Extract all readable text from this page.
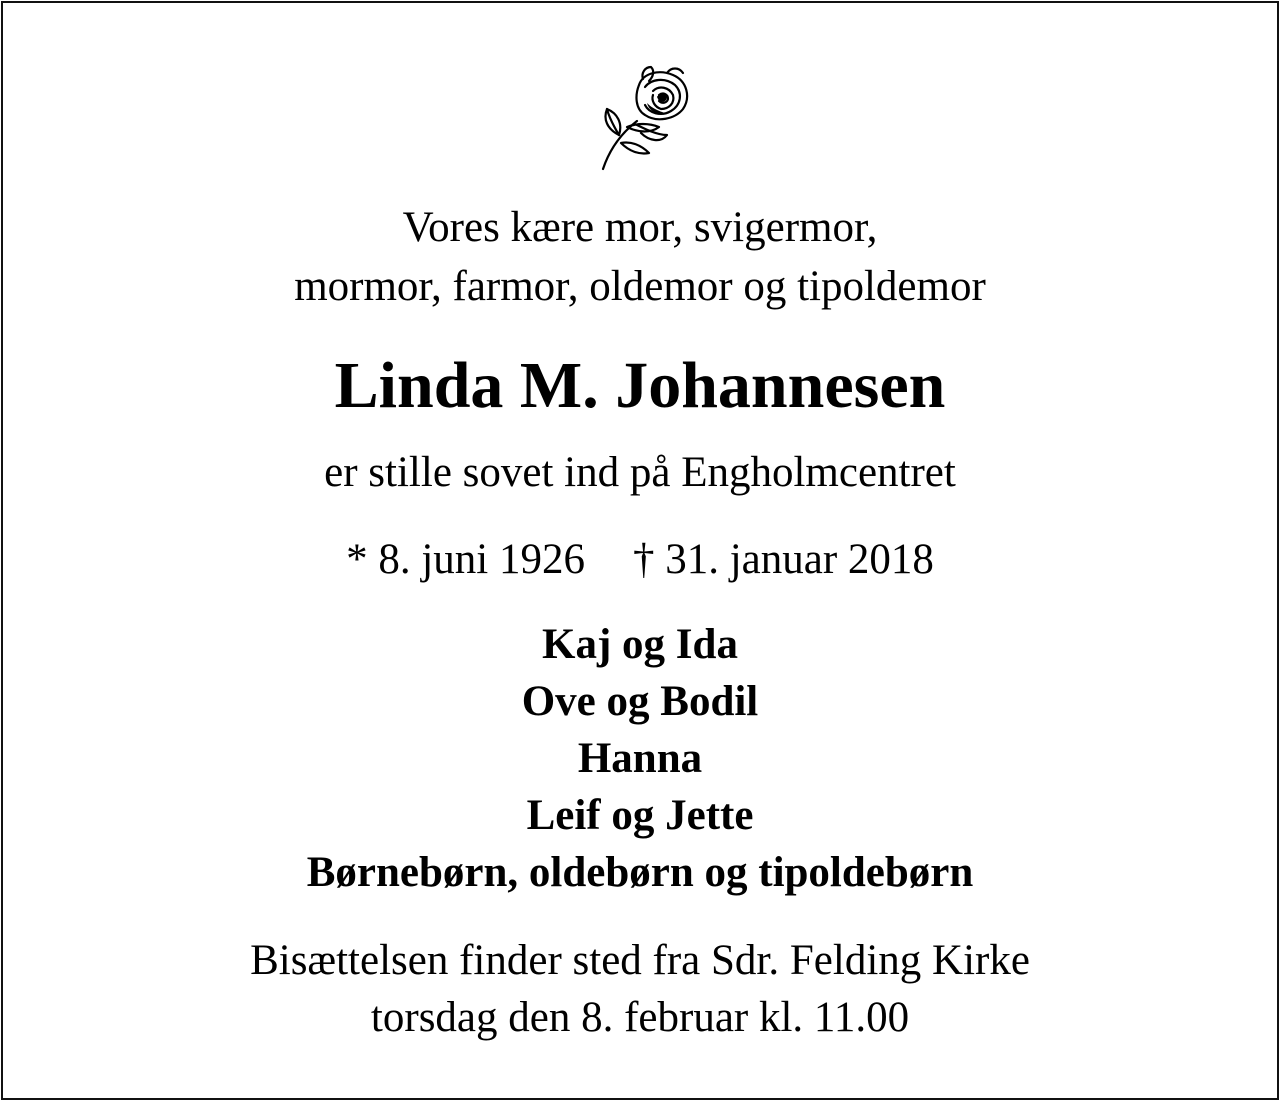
Vores kære mor, svigermor,
mormor, farmor, oldemor og tipoldemor
Linda M. Johannesen
er stille sovet ind på Engholmcentret
* 8. juni 1926 † 31. januar 2018
Kaj og Ida
Ove og Bodil
Hanna
Leif og Jette
Børnebørn, oldebørn og tipoldebørn
Bisættelsen finder sted fra Sdr. Felding Kirke
torsdag den 8. februar kl. 11.00
